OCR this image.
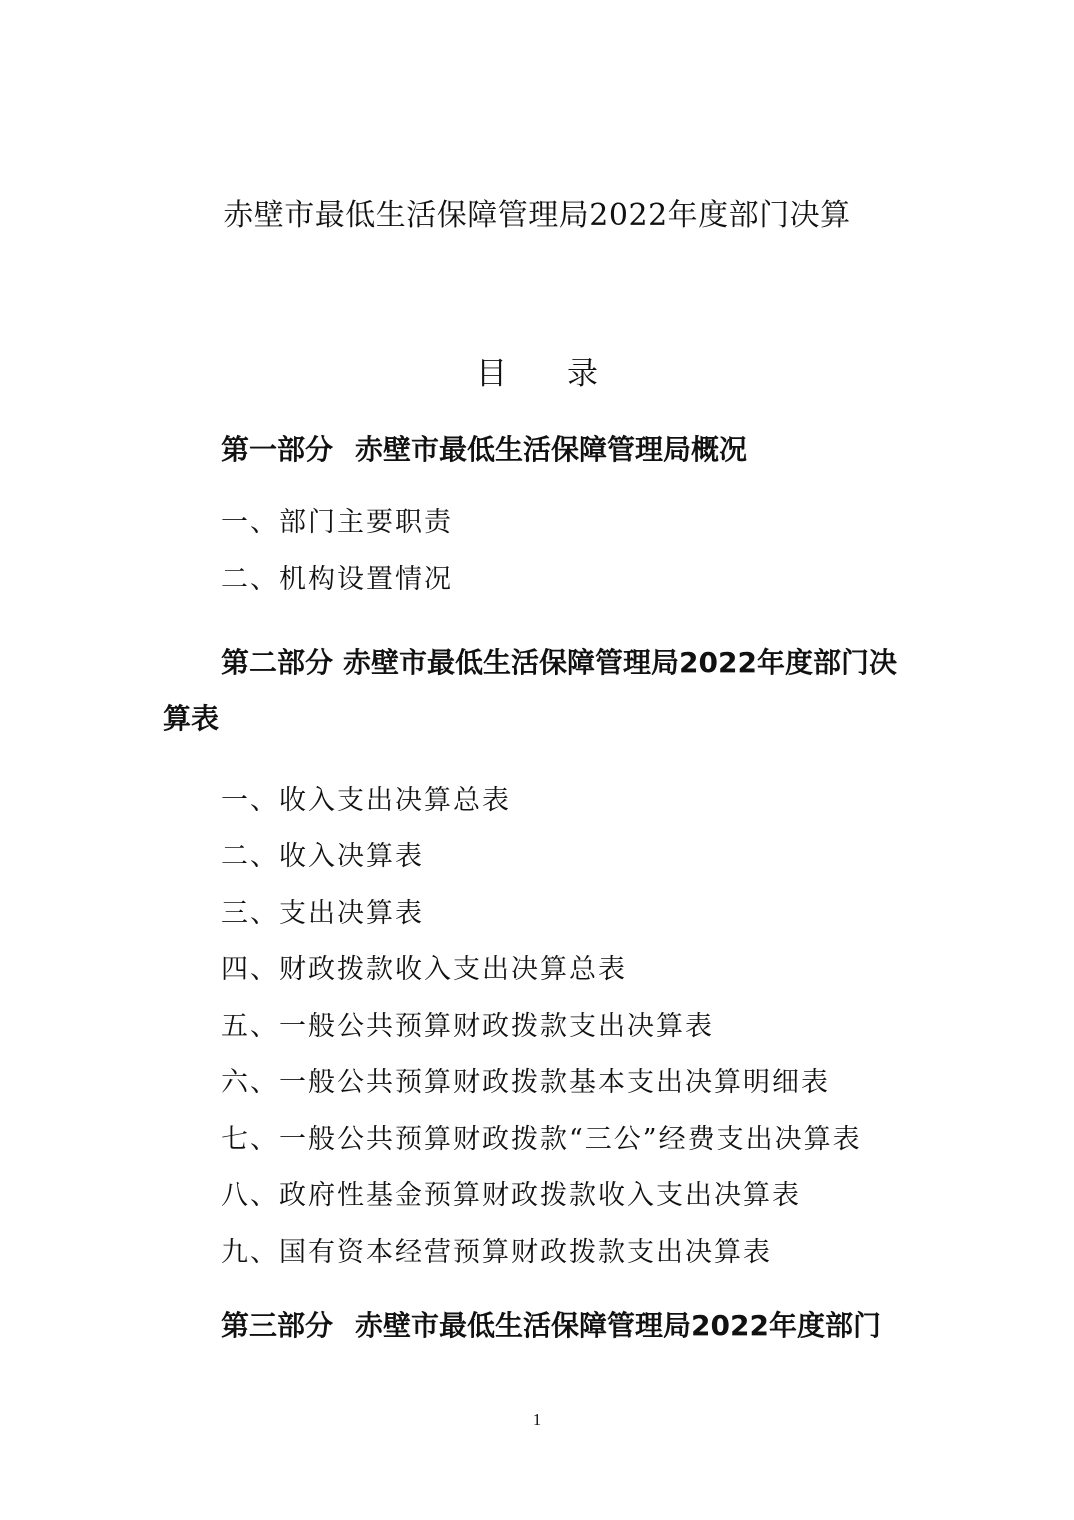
赤壁市最低生活保障管理局2022年度部门决算
目 录
第一部分 赤壁市最低生活保障管理局概况
一、部门主要职责
二、机构设置情况
第二部分 赤壁市最低生活保障管理局2022年度部门决算表
一、收入支出决算总表
二、收入决算表
三、支出决算表
四、财政拨款收入支出决算总表
五、一般公共预算财政拨款支出决算表
六、一般公共预算财政拨款基本支出决算明细表
七、一般公共预算财政拨款“三公”经费支出决算表
八、政府性基金预算财政拨款收入支出决算表
九、国有资本经营预算财政拨款支出决算表
第三部分 赤壁市最低生活保障管理局2022年度部门
1
